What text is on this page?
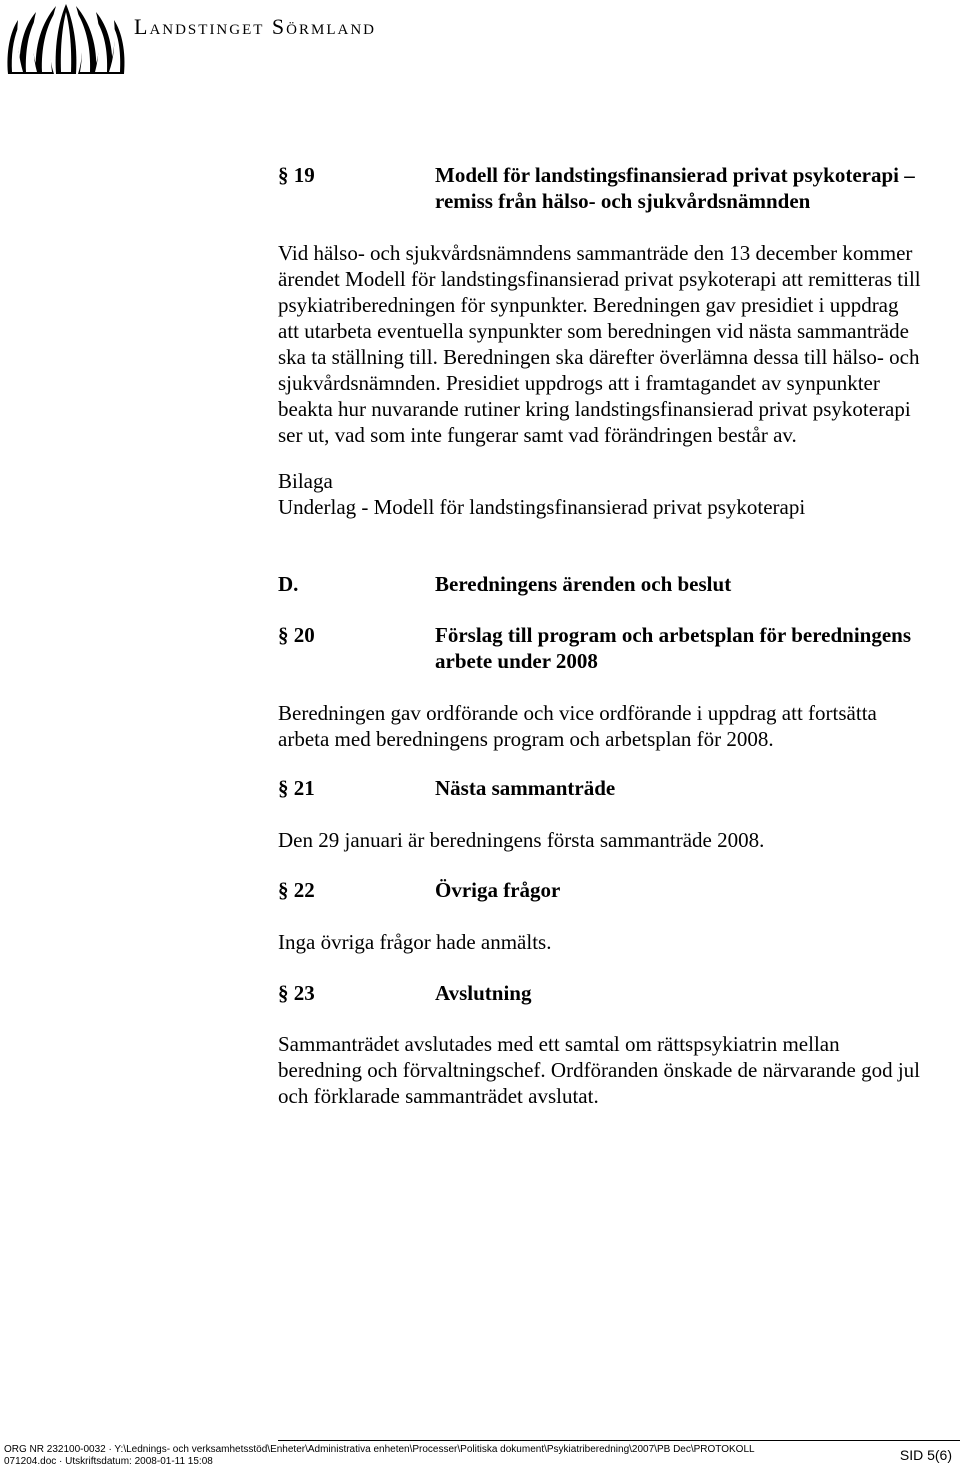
Landstinget Sörmland
§ 19	Modell för landstingsfinansierad privat psykoterapi –
remiss från hälso- och sjukvårdsnämnden
Vid hälso- och sjukvårdsnämndens sammanträde den 13 december kommer
ärendet Modell för landstingsfinansierad privat psykoterapi att remitteras till
psykiatriberedningen för synpunkter. Beredningen gav presidiet i uppdrag
att utarbeta eventuella synpunkter som beredningen vid nästa sammanträde
ska ta ställning till. Beredningen ska därefter överlämna dessa till hälso- och
sjukvårdsnämnden. Presidiet uppdrogs att i framtagandet av synpunkter
beakta hur nuvarande rutiner kring landstingsfinansierad privat psykoterapi
ser ut, vad som inte fungerar samt vad förändringen består av.
Bilaga
Underlag - Modell för landstingsfinansierad privat psykoterapi
D.	Beredningens ärenden och beslut
§ 20	Förslag till program och arbetsplan för beredningens
arbete under 2008
Beredningen gav ordförande och vice ordförande i uppdrag att fortsätta
arbeta med beredningens program och arbetsplan för 2008.
§ 21	Nästa sammanträde
Den 29 januari är beredningens första sammanträde 2008.
§ 22	Övriga frågor
Inga övriga frågor hade anmälts.
§ 23	Avslutning
Sammanträdet avslutades med ett samtal om rättspsykiatrin mellan
beredning och förvaltningschef. Ordföranden önskade de närvarande god jul
och förklarade sammanträdet avslutat.
ORG NR 232100-0032 · Y:\Lednings- och verksamhetsstöd\Enheter\Administrativa enheten\Processer\Politiska dokument\Psykiatriberedning\2007\PB Dec\PROTOKOLL
071204.doc · Utskriftsdatum: 2008-01-11 15:08	SID 5(6)
